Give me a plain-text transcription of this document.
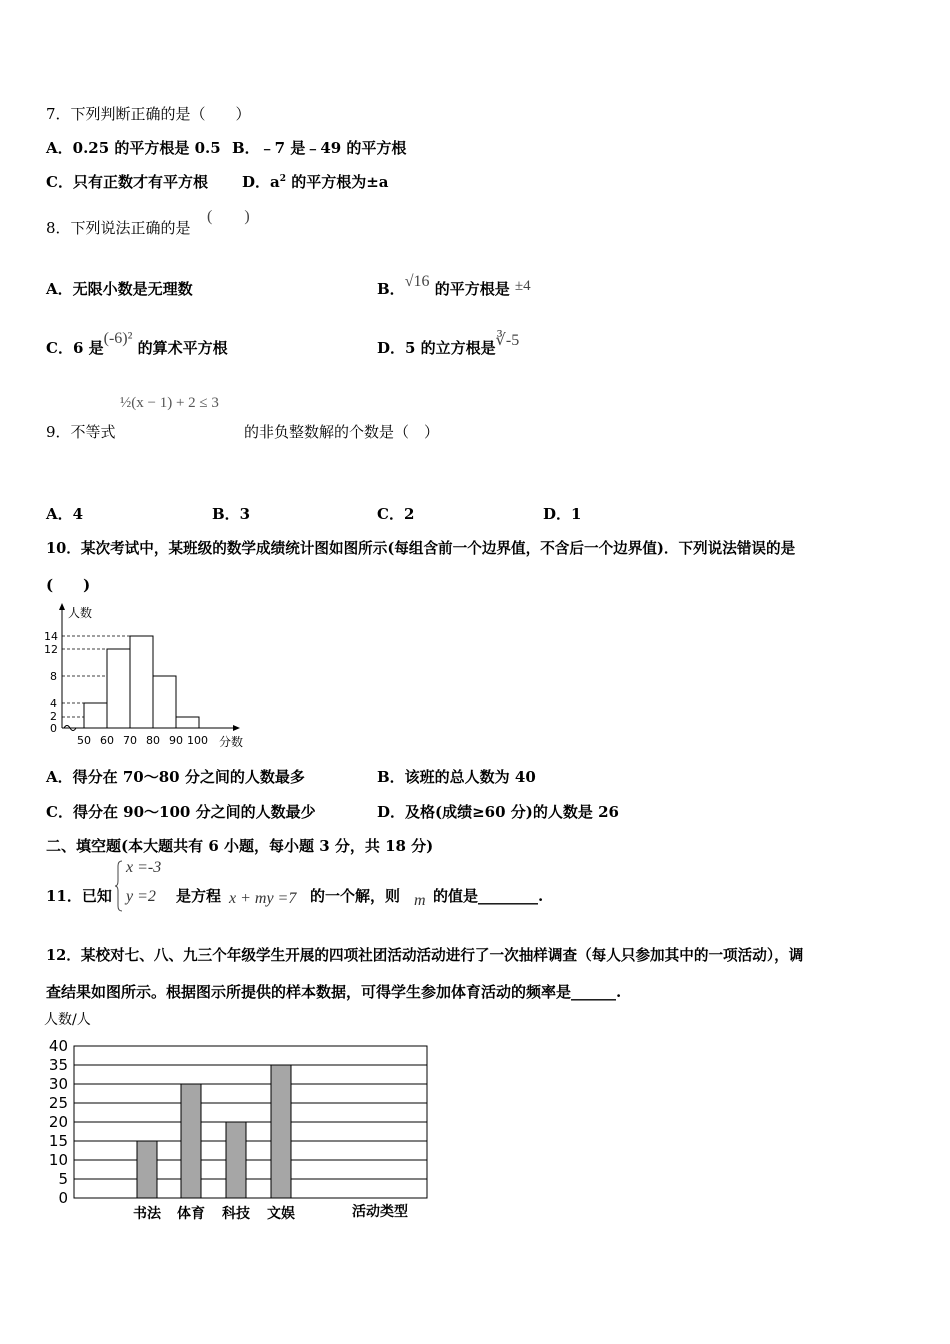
7．下列判断正确的是（　　）
A．0.25 的平方根是 0.5 B．﹣7 是﹣49 的平方根
C．只有正数才有平方根 D．$a^2$ 的平方根为±a
8．下列说法正确的是
(　　)
A．无限小数是无理数	B．√16 的平方根是 ±4
C．6 是(-6)² 的算术平方根	D．5 的立方根是∛-5
½(x − 1) + 2 ≤ 3
9．不等式	的非负整数解的个数是（　）
A．4	B．3	C．2	D．1
10．某次考试中，某班级的数学成绩统计图如图所示(每组含前一个边界值，不含后一个边界值)．下列说法错误的是
(　　)
14
12
8
4
2
0
人数
50 60 70 80 90 100 分数
A．得分在 70～80 分之间的人数最多	B．该班的总人数为 40
C．得分在 90～100 分之间的人数最少	D．及格(成绩≥60 分)的人数是 26
二、填空题(本大题共有 6 小题，每小题 3 分，共 18 分)
11．已知
x =-3
y =2 是方程 x + my =7 的一个解，则 m 的值是________.
12．某校对七、八、九三个年级学生开展的四项社团活动活动进行了一次抽样调查（每人只参加其中的一项活动），调
查结果如图所示。根据图示所提供的样本数据，可得学生参加体育活动的频率是______.
人数/人
40
35
30
25
20
15
10
5
0
书法 体育 科技 文娱	活动类型
